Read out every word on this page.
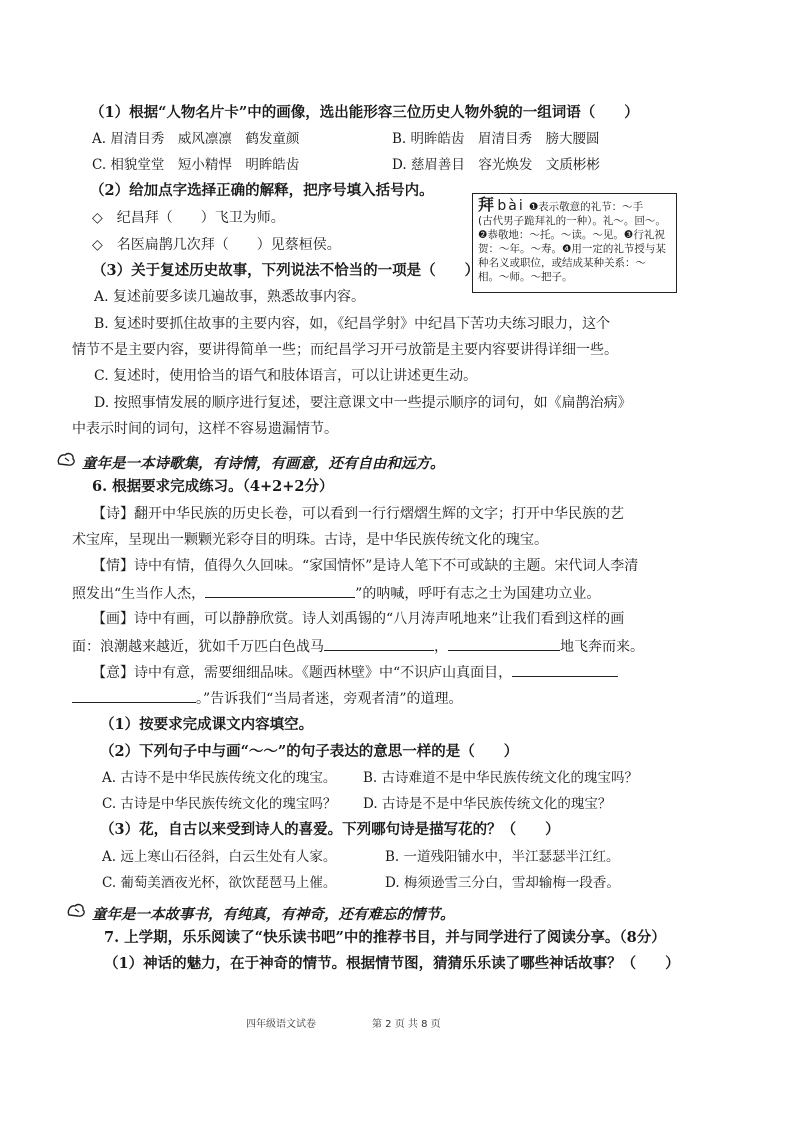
（1）根据“人物名片卡”中的画像，选出能形容三位历史人物外貌的一组词语（　　）
A. 眉清目秀　威风凛凛　鹤发童颜	B. 明眸皓齿　眉清目秀　膀大腰圆
C. 相貌堂堂　短小精悍　明眸皓齿	D. 慈眉善目　容光焕发　文质彬彬
（2）给加点字选择正确的解释，把序号填入括号内。
◇　纪昌拜（　　）飞卫为师。
◇　名医扁鹊几次拜（　　）见蔡桓侯。
（3）关于复述历史故事，下列说法不恰当的一项是（　　）
A. 复述前要多读几遍故事，熟悉故事内容。
B. 复述时要抓住故事的主要内容，如，《纪昌学射》中纪昌下苦功夫练习眼力，这个
情节不是主要内容，要讲得简单一些；而纪昌学习开弓放箭是主要内容要讲得详细一些。
C. 复述时，使用恰当的语气和肢体语言，可以让讲述更生动。
D. 按照事情发展的顺序进行复述，要注意课文中一些提示顺序的词句，如《扁鹊治病》
中表示时间的词句，这样不容易遗漏情节。
拜 bài ❶表示敬意的礼节：～手
(古代男子跪拜礼的一种）。礼～。回～。
❷恭敬地：～托。～读。～见。❸行礼祝
贺：～年。～寿。❹用一定的礼节授与某
种名义或职位，或结成某种关系：～
相。～师。～把子。
童年是一本诗歌集，有诗情，有画意，还有自由和远方。
6. 根据要求完成练习。（4+2+2分）
【诗】翻开中华民族的历史长卷，可以看到一行行熠熠生辉的文字；打开中华民族的艺
术宝库，呈现出一颗颗光彩夺目的明珠。古诗，是中华民族传统文化的瑰宝。
【情】诗中有情，值得久久回味。“家国情怀”是诗人笔下不可或缺的主题。宋代词人李清
照发出“生当作人杰，	”的呐喊，呼吁有志之士为国建功立业。
【画】诗中有画，可以静静欣赏。诗人刘禹锡的“八月涛声吼地来”让我们看到这样的画
面：浪潮越来越近，犹如千万匹白色战马	，	地飞奔而来。
【意】诗中有意，需要细细品味。《题西林壁》中“不识庐山真面目，
。”告诉我们“当局者迷，旁观者清”的道理。
（1）按要求完成课文内容填空。
（2）下列句子中与画“～～”的句子表达的意思一样的是（　　）
A. 古诗不是中华民族传统文化的瑰宝。 B. 古诗难道不是中华民族传统文化的瑰宝吗？
C. 古诗是中华民族传统文化的瑰宝吗？ D. 古诗是不是中华民族传统文化的瑰宝？
（3）花，自古以来受到诗人的喜爱。下列哪句诗是描写花的？（　　）
A. 远上寒山石径斜，白云生处有人家。	B. 一道残阳铺水中，半江瑟瑟半江红。
C. 葡萄美酒夜光杯，欲饮琵琶马上催。	D. 梅须逊雪三分白，雪却输梅一段香。
童年是一本故事书，有纯真，有神奇，还有难忘的情节。
7. 上学期，乐乐阅读了“快乐读书吧”中的推荐书目，并与同学进行了阅读分享。（8分）
（1）神话的魅力，在于神奇的情节。根据情节图，猜猜乐乐读了哪些神话故事？（　　）
四年级语文试卷	第 2 页 共 8 页
